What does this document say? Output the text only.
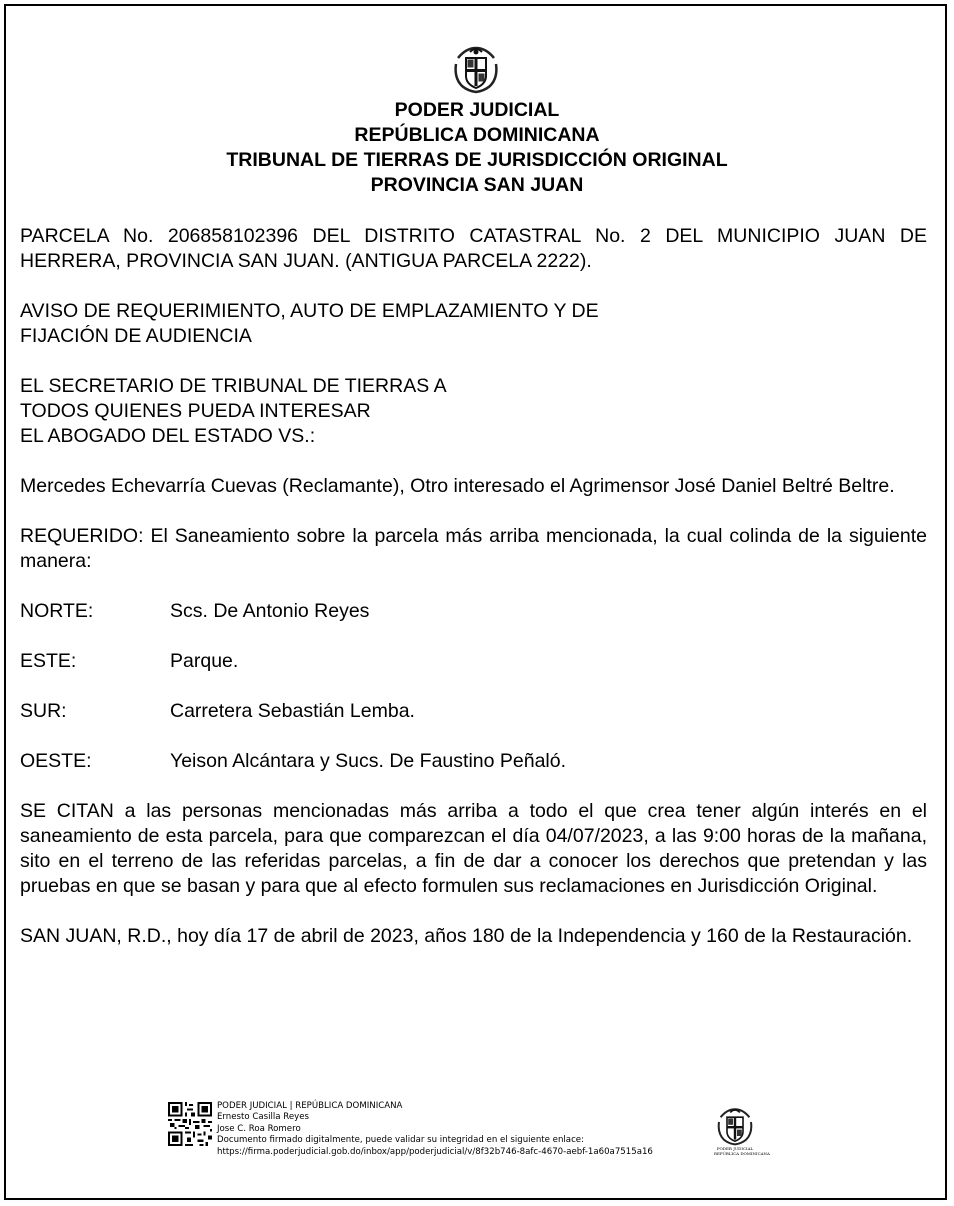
PODER JUDICIAL
REPÚBLICA DOMINICANA
TRIBUNAL DE TIERRAS DE JURISDICCIÓN ORIGINAL
PROVINCIA SAN JUAN

PARCELA No. 206858102396 DEL DISTRITO CATASTRAL No. 2 DEL MUNICIPIO JUAN DE HERRERA, PROVINCIA SAN JUAN. (ANTIGUA PARCELA 2222).

AVISO DE REQUERIMIENTO, AUTO DE EMPLAZAMIENTO Y DE
FIJACIÓN DE AUDIENCIA

EL SECRETARIO DE TRIBUNAL DE TIERRAS A
TODOS QUIENES PUEDA INTERESAR
EL ABOGADO DEL ESTADO VS.:

Mercedes Echevarría Cuevas (Reclamante), Otro interesado el Agrimensor José Daniel Beltré Beltre.

REQUERIDO: El Saneamiento sobre la parcela más arriba mencionada, la cual colinda de la siguiente manera:

NORTE:	Scs. De Antonio Reyes
ESTE:	Parque.
SUR:	Carretera Sebastián Lemba.
OESTE:	Yeison Alcántara y Sucs. De Faustino Peñaló.

SE CITAN a las personas mencionadas más arriba a todo el que crea tener algún interés en el saneamiento de esta parcela, para que comparezcan el día 04/07/2023, a las 9:00 horas de la mañana, sito en el terreno de las referidas parcelas, a fin de dar a conocer los derechos que pretendan y las pruebas en que se basan y para que al efecto formulen sus reclamaciones en Jurisdicción Original.

SAN JUAN, R.D., hoy día 17 de abril de 2023, años 180 de la Independencia y 160 de la Restauración.

PODER JUDICIAL | REPÚBLICA DOMINICANA
Ernesto Casilla Reyes
Jose C. Roa Romero
Documento firmado digitalmente, puede validar su integridad en el siguiente enlace:
https://firma.poderjudicial.gob.do/inbox/app/poderjudicial/v/8f32b746-8afc-4670-aebf-1a60a7515a16	PODER JUDICIAL
REPÚBLICA DOMINICANA
